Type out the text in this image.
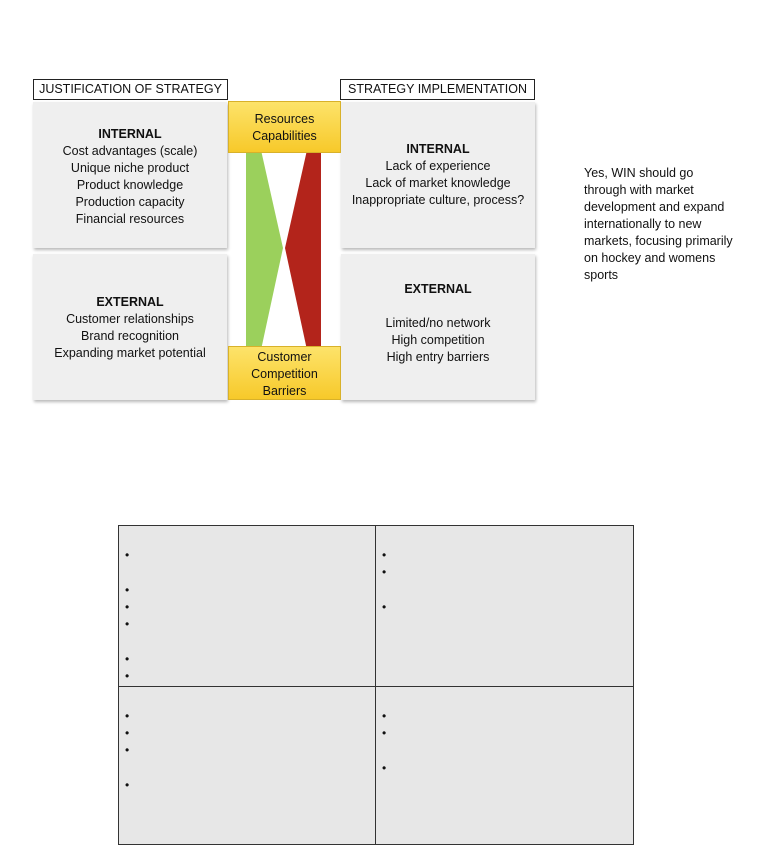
JUSTIFICATION OF STRATEGY	STRATEGY IMPLEMENTATION
INTERNAL
Cost advantages (scale)
Unique niche product
Product knowledge
Production capacity
Financial resources
EXTERNAL
Customer relationships
Brand recognition
Expanding market potential
INTERNAL
Lack of experience
Lack of market knowledge
Inappropriate culture, process?
EXTERNAL
Limited/no network
High competition
High entry barriers
Resources
Capabilities
Customer
Competition
Barriers
Yes, WIN should go through with market development and expand internationally to new markets, focusing primarily on hockey and womens sports
•
•
•
•
•
•
•
•
•
•
•
•
•
•
•
•
